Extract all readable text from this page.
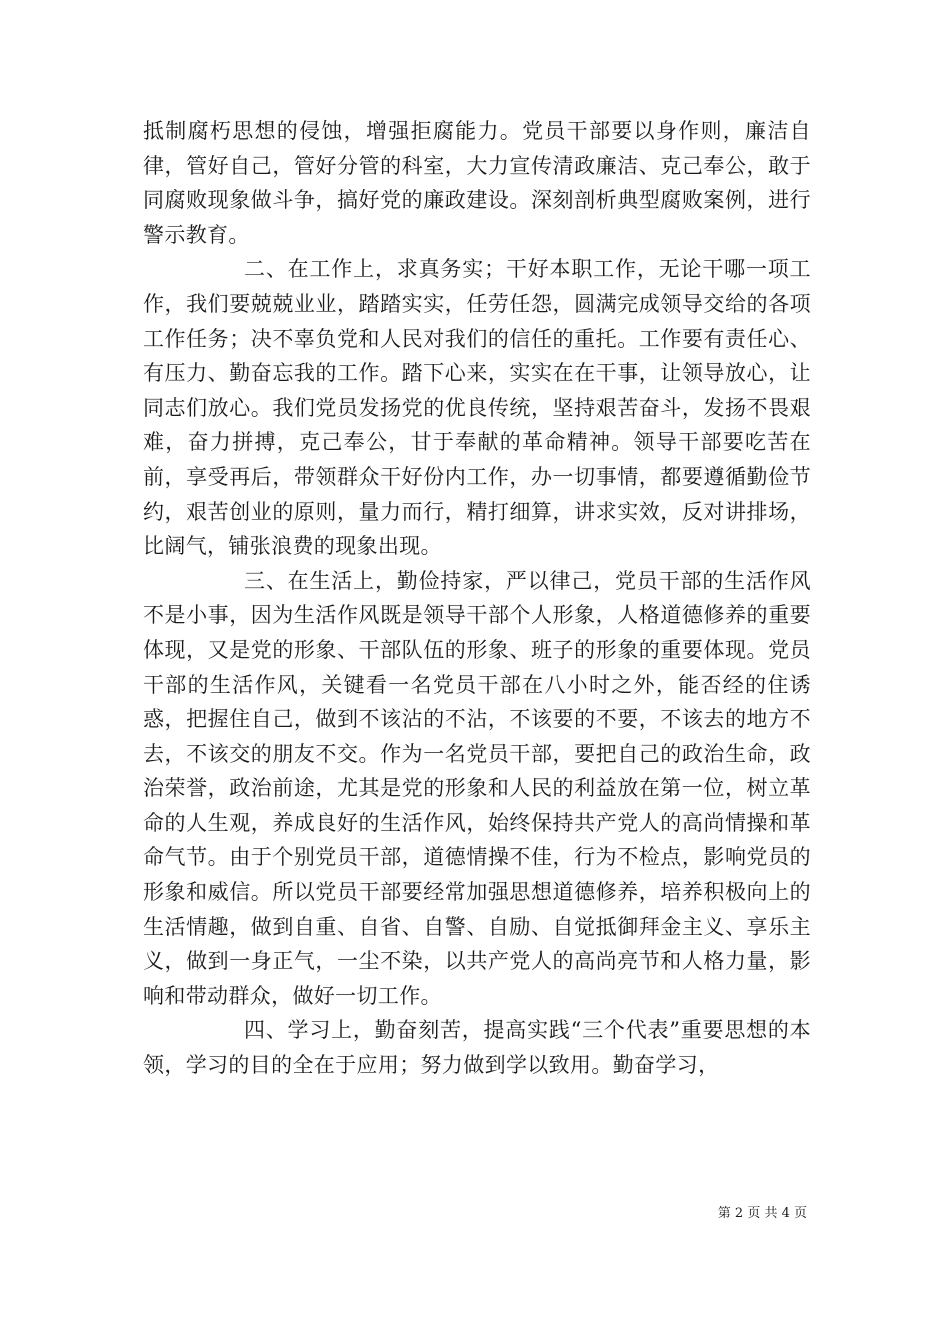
抵制腐朽思想的侵蚀，增强拒腐能力。党员干部要以身作则，廉洁自律，管好自己，管好分管的科室，大力宣传清政廉洁、克己奉公，敢于同腐败现象做斗争，搞好党的廉政建设。深刻剖析典型腐败案例，进行警示教育。

二、在工作上，求真务实；干好本职工作，无论干哪一项工作，我们要兢兢业业，踏踏实实，任劳任怨，圆满完成领导交给的各项工作任务；决不辜负党和人民对我们的信任的重托。工作要有责任心、有压力、勤奋忘我的工作。踏下心来，实实在在干事，让领导放心，让同志们放心。我们党员发扬党的优良传统，坚持艰苦奋斗，发扬不畏艰难，奋力拼搏，克己奉公，甘于奉献的革命精神。领导干部要吃苦在前，享受再后，带领群众干好份内工作，办一切事情，都要遵循勤俭节约，艰苦创业的原则，量力而行，精打细算，讲求实效，反对讲排场，比阔气，铺张浪费的现象出现。

三、在生活上，勤俭持家，严以律己，党员干部的生活作风不是小事，因为生活作风既是领导干部个人形象，人格道德修养的重要体现，又是党的形象、干部队伍的形象、班子的形象的重要体现。党员干部的生活作风，关键看一名党员干部在八小时之外，能否经的住诱惑，把握住自己，做到不该沾的不沾，不该要的不要，不该去的地方不去，不该交的朋友不交。作为一名党员干部，要把自己的政治生命，政治荣誉，政治前途，尤其是党的形象和人民的利益放在第一位，树立革命的人生观，养成良好的生活作风，始终保持共产党人的高尚情操和革命气节。由于个别党员干部，道德情操不佳，行为不检点，影响党员的形象和威信。所以党员干部要经常加强思想道德修养，培养积极向上的生活情趣，做到自重、自省、自警、自励、自觉抵御拜金主义、享乐主义，做到一身正气，一尘不染，以共产党人的高尚亮节和人格力量，影响和带动群众，做好一切工作。

四、学习上，勤奋刻苦，提高实践“三个代表”重要思想的本领，学习的目的全在于应用；努力做到学以致用。勤奋学习，

第 2 页 共 4 页
